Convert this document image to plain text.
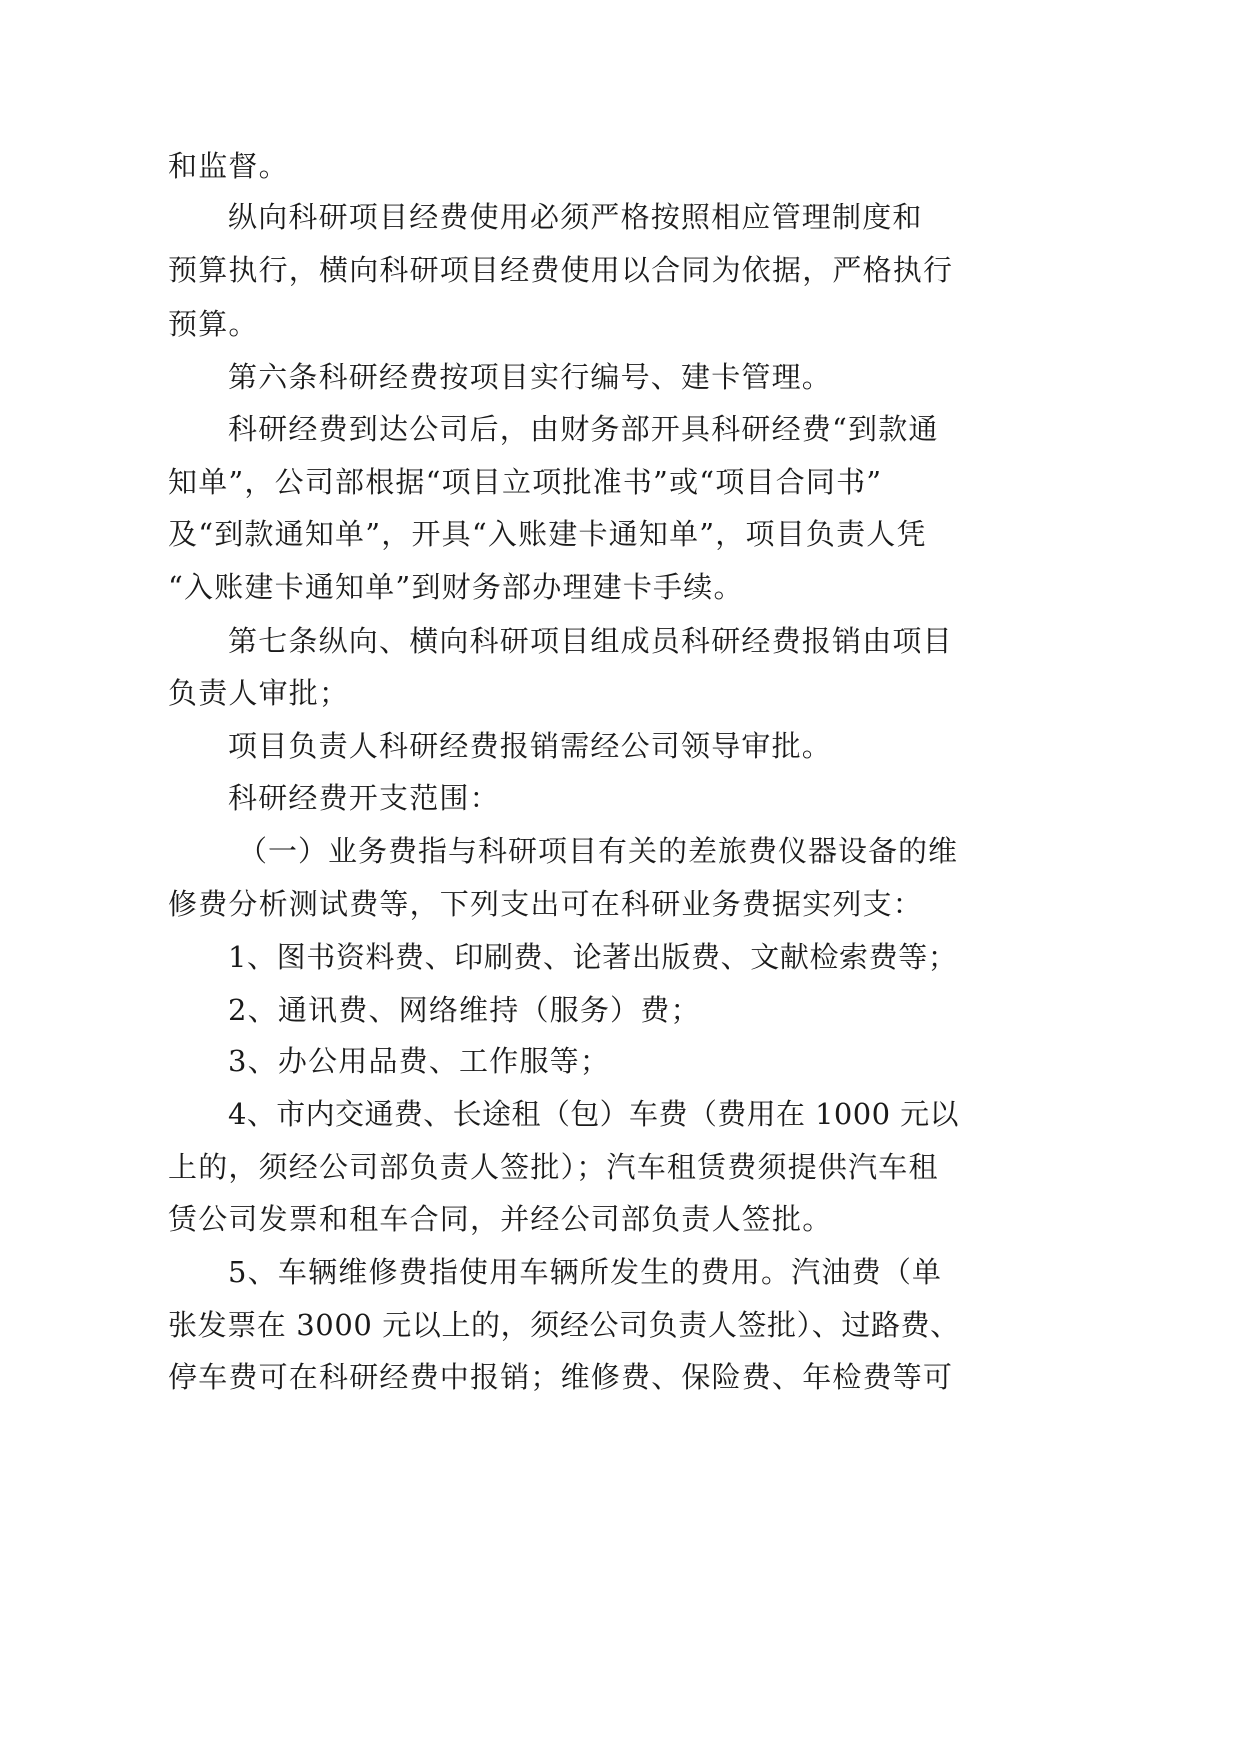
和监督。
纵向科研项目经费使用必须严格按照相应管理制度和
预算执行，横向科研项目经费使用以合同为依据，严格执行
预算。
第六条科研经费按项目实行编号、建卡管理。
科研经费到达公司后，由财务部开具科研经费“到款通
知单”，公司部根据“项目立项批准书”或“项目合同书”
及“到款通知单”，开具“入账建卡通知单”，项目负责人凭
“入账建卡通知单”到财务部办理建卡手续。
第七条纵向、横向科研项目组成员科研经费报销由项目
负责人审批；
项目负责人科研经费报销需经公司领导审批。
科研经费开支范围：
（一）业务费指与科研项目有关的差旅费仪器设备的维
修费分析测试费等，下列支出可在科研业务费据实列支：
1、图书资料费、印刷费、论著出版费、文献检索费等；
2、通讯费、网络维持（服务）费；
3、办公用品费、工作服等；
4、市内交通费、长途租（包）车费（费用在 1000 元以
上的，须经公司部负责人签批）；汽车租赁费须提供汽车租
赁公司发票和租车合同，并经公司部负责人签批。
5、车辆维修费指使用车辆所发生的费用。汽油费（单
张发票在 3000 元以上的，须经公司负责人签批）、过路费、
停车费可在科研经费中报销；维修费、保险费、年检费等可
